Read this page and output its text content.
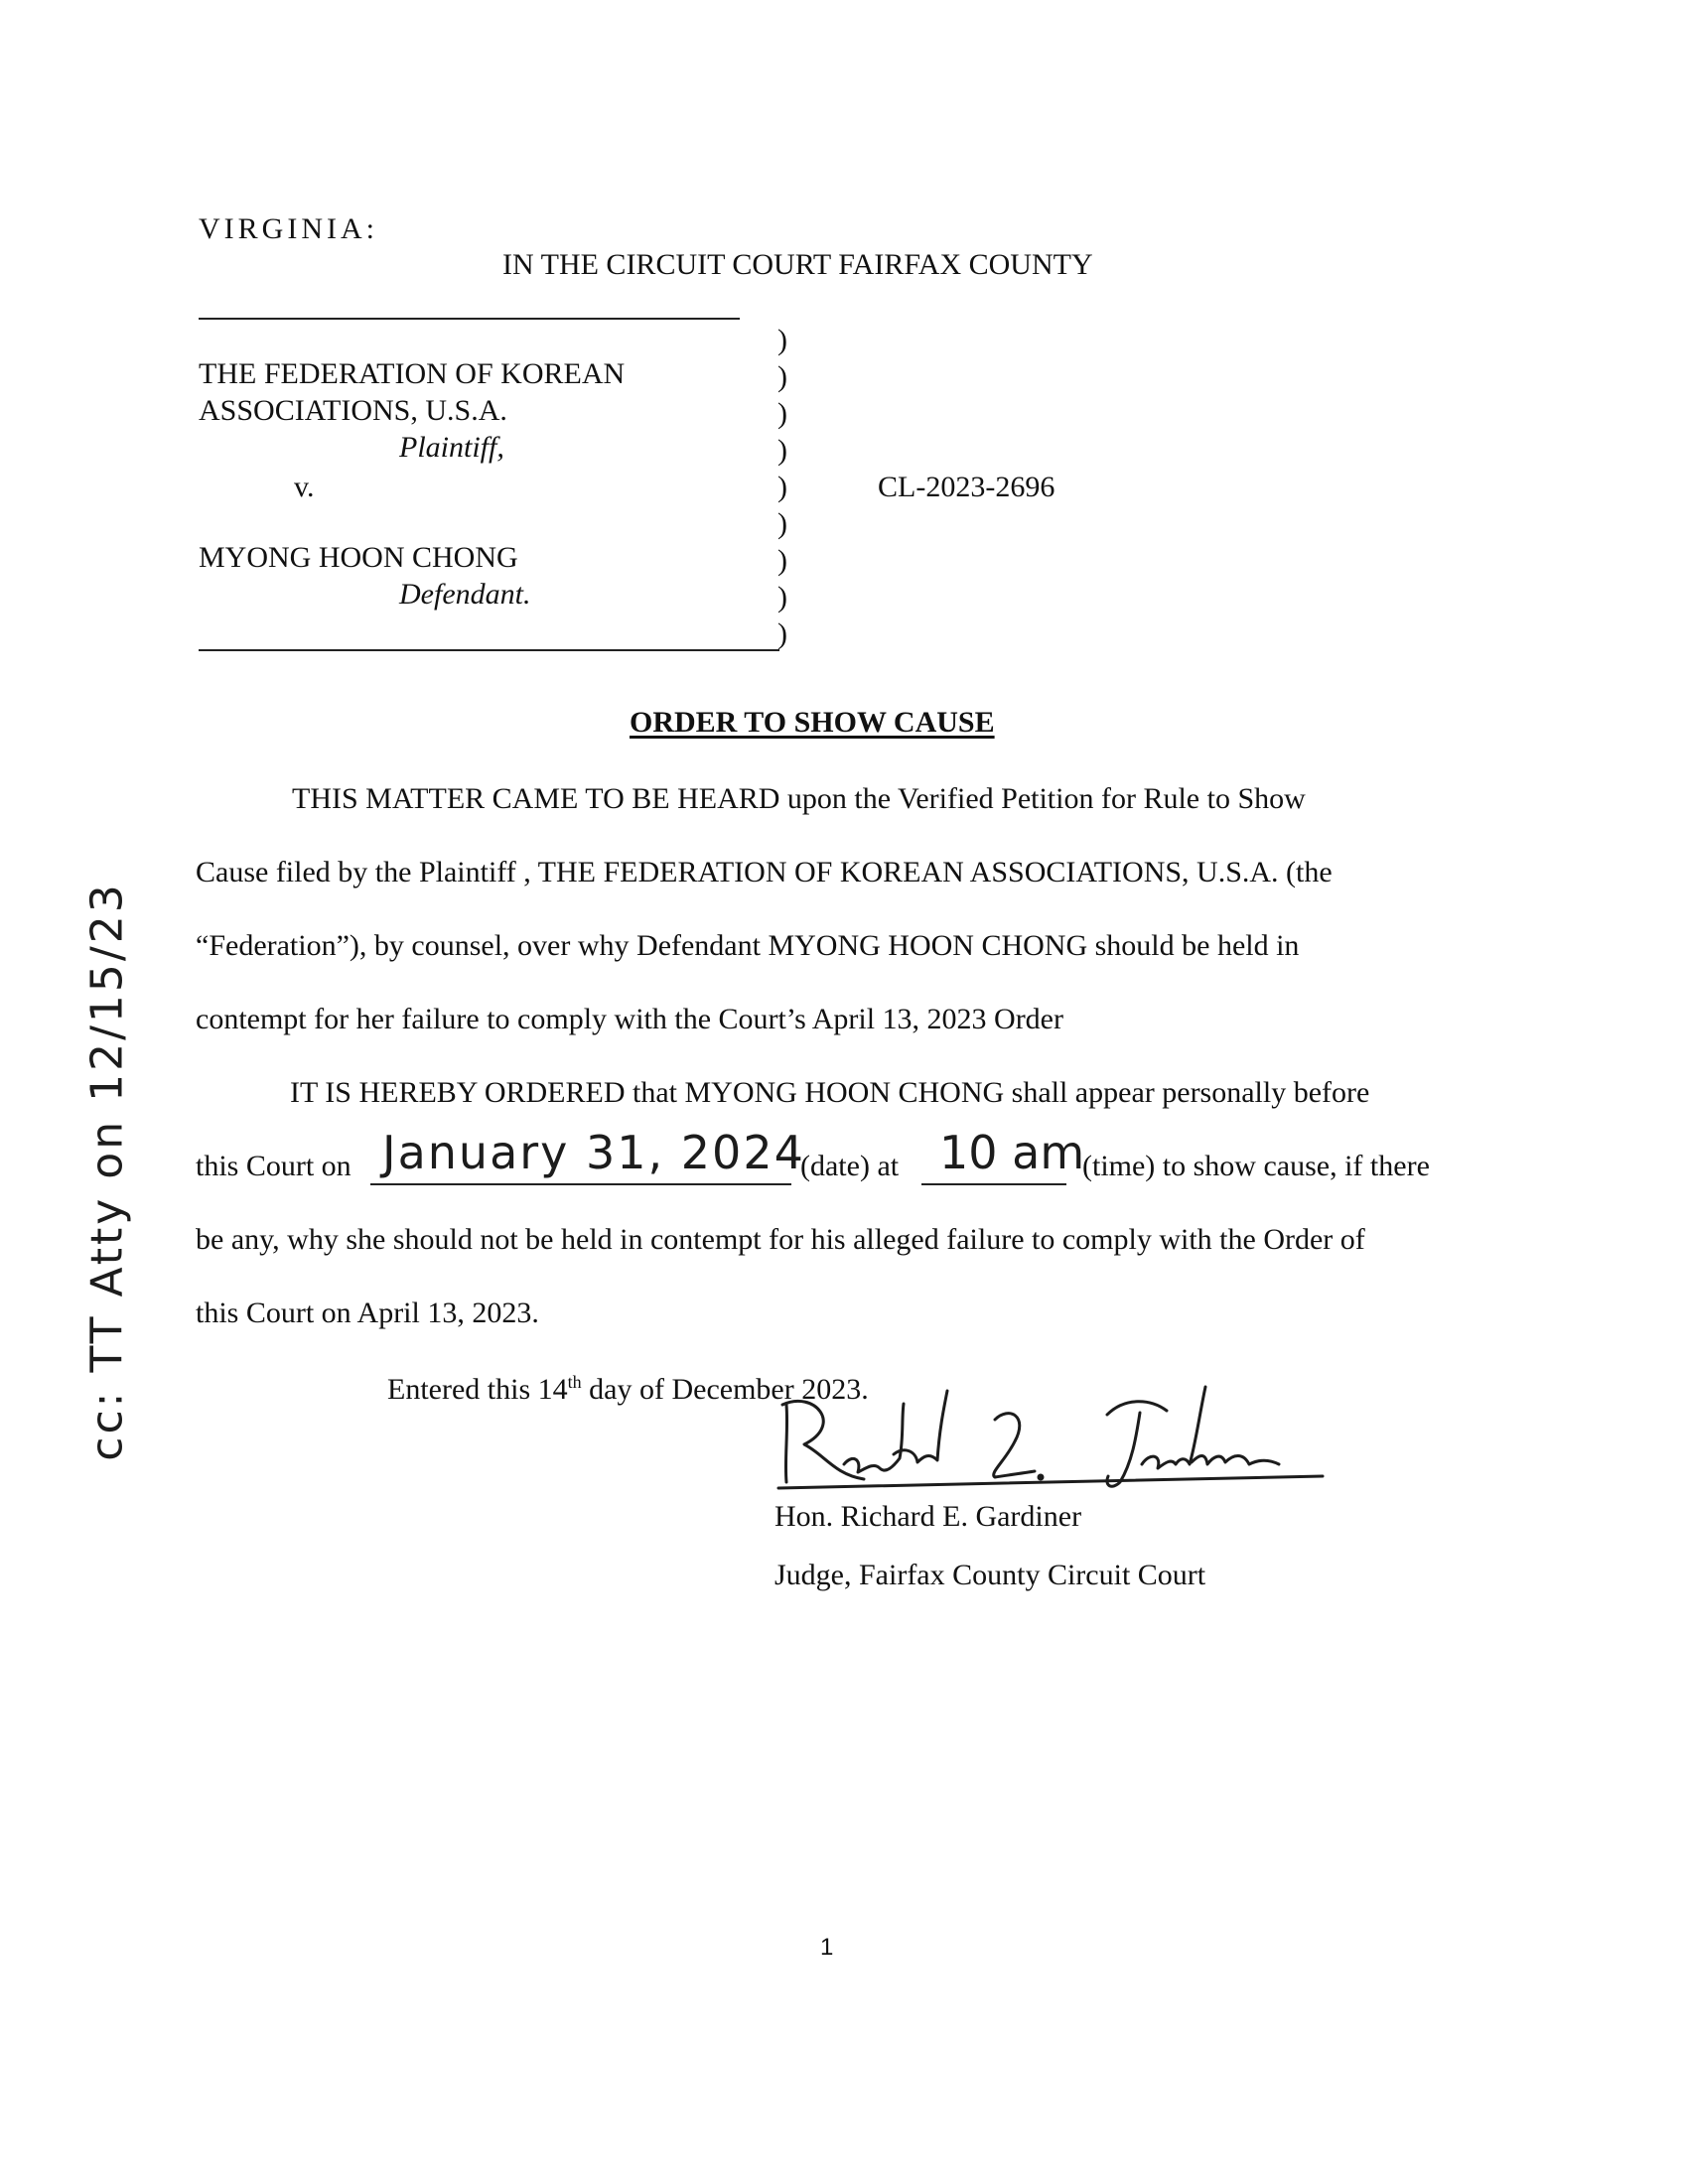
VIRGINIA:
IN THE CIRCUIT COURT FAIRFAX COUNTY
THE FEDERATION OF KOREAN
ASSOCIATIONS, U.S.A.
Plaintiff,
v.
MYONG HOON CHONG
Defendant.
)
)
)
)
)
)
)
)
)
CL-2023-2696
cc: TT Atty on 12/15/23
ORDER TO SHOW CAUSE
THIS MATTER CAME TO BE HEARD upon the Verified Petition for Rule to Show
Cause filed by the Plaintiff , THE FEDERATION OF KOREAN ASSOCIATIONS, U.S.A. (the
“Federation”), by counsel, over why Defendant MYONG HOON CHONG should be held in
contempt for her failure to comply with the Court’s April 13, 2023 Order
IT IS HEREBY ORDERED that MYONG HOON CHONG shall appear personally before
this Court on January 31, 2024
(date) at 10 am
(time) to show cause, if there
be any, why she should not be held in contempt for his alleged failure to comply with the Order of
this Court on April 13, 2023.
Entered this 14th day of December 2023.
Hon. Richard E. Gardiner
Judge, Fairfax County Circuit Court
1
